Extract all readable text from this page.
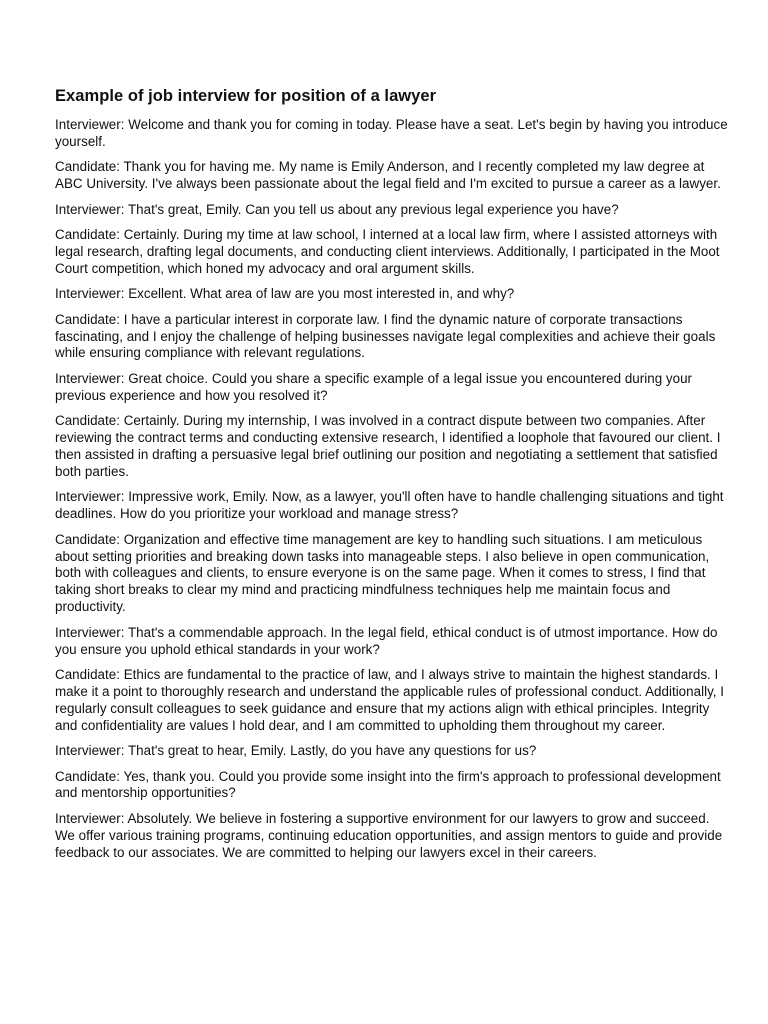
Example of job interview for position of a lawyer

Interviewer: Welcome and thank you for coming in today. Please have a seat. Let's begin by having you introduce yourself.

Candidate: Thank you for having me. My name is Emily Anderson, and I recently completed my law degree at ABC University. I've always been passionate about the legal field and I'm excited to pursue a career as a lawyer.

Interviewer: That's great, Emily. Can you tell us about any previous legal experience you have?

Candidate: Certainly. During my time at law school, I interned at a local law firm, where I assisted attorneys with legal research, drafting legal documents, and conducting client interviews. Additionally, I participated in the Moot Court competition, which honed my advocacy and oral argument skills.

Interviewer: Excellent. What area of law are you most interested in, and why?

Candidate: I have a particular interest in corporate law. I find the dynamic nature of corporate transactions fascinating, and I enjoy the challenge of helping businesses navigate legal complexities and achieve their goals while ensuring compliance with relevant regulations.

Interviewer: Great choice. Could you share a specific example of a legal issue you encountered during your previous experience and how you resolved it?

Candidate: Certainly. During my internship, I was involved in a contract dispute between two companies. After reviewing the contract terms and conducting extensive research, I identified a loophole that favoured our client. I then assisted in drafting a persuasive legal brief outlining our position and negotiating a settlement that satisfied both parties.

Interviewer: Impressive work, Emily. Now, as a lawyer, you'll often have to handle challenging situations and tight deadlines. How do you prioritize your workload and manage stress?

Candidate: Organization and effective time management are key to handling such situations. I am meticulous about setting priorities and breaking down tasks into manageable steps. I also believe in open communication, both with colleagues and clients, to ensure everyone is on the same page. When it comes to stress, I find that taking short breaks to clear my mind and practicing mindfulness techniques help me maintain focus and productivity.

Interviewer: That's a commendable approach. In the legal field, ethical conduct is of utmost importance. How do you ensure you uphold ethical standards in your work?

Candidate: Ethics are fundamental to the practice of law, and I always strive to maintain the highest standards. I make it a point to thoroughly research and understand the applicable rules of professional conduct. Additionally, I regularly consult colleagues to seek guidance and ensure that my actions align with ethical principles. Integrity and confidentiality are values I hold dear, and I am committed to upholding them throughout my career.

Interviewer: That's great to hear, Emily. Lastly, do you have any questions for us?

Candidate: Yes, thank you. Could you provide some insight into the firm's approach to professional development and mentorship opportunities?

Interviewer: Absolutely. We believe in fostering a supportive environment for our lawyers to grow and succeed. We offer various training programs, continuing education opportunities, and assign mentors to guide and provide feedback to our associates. We are committed to helping our lawyers excel in their careers.
